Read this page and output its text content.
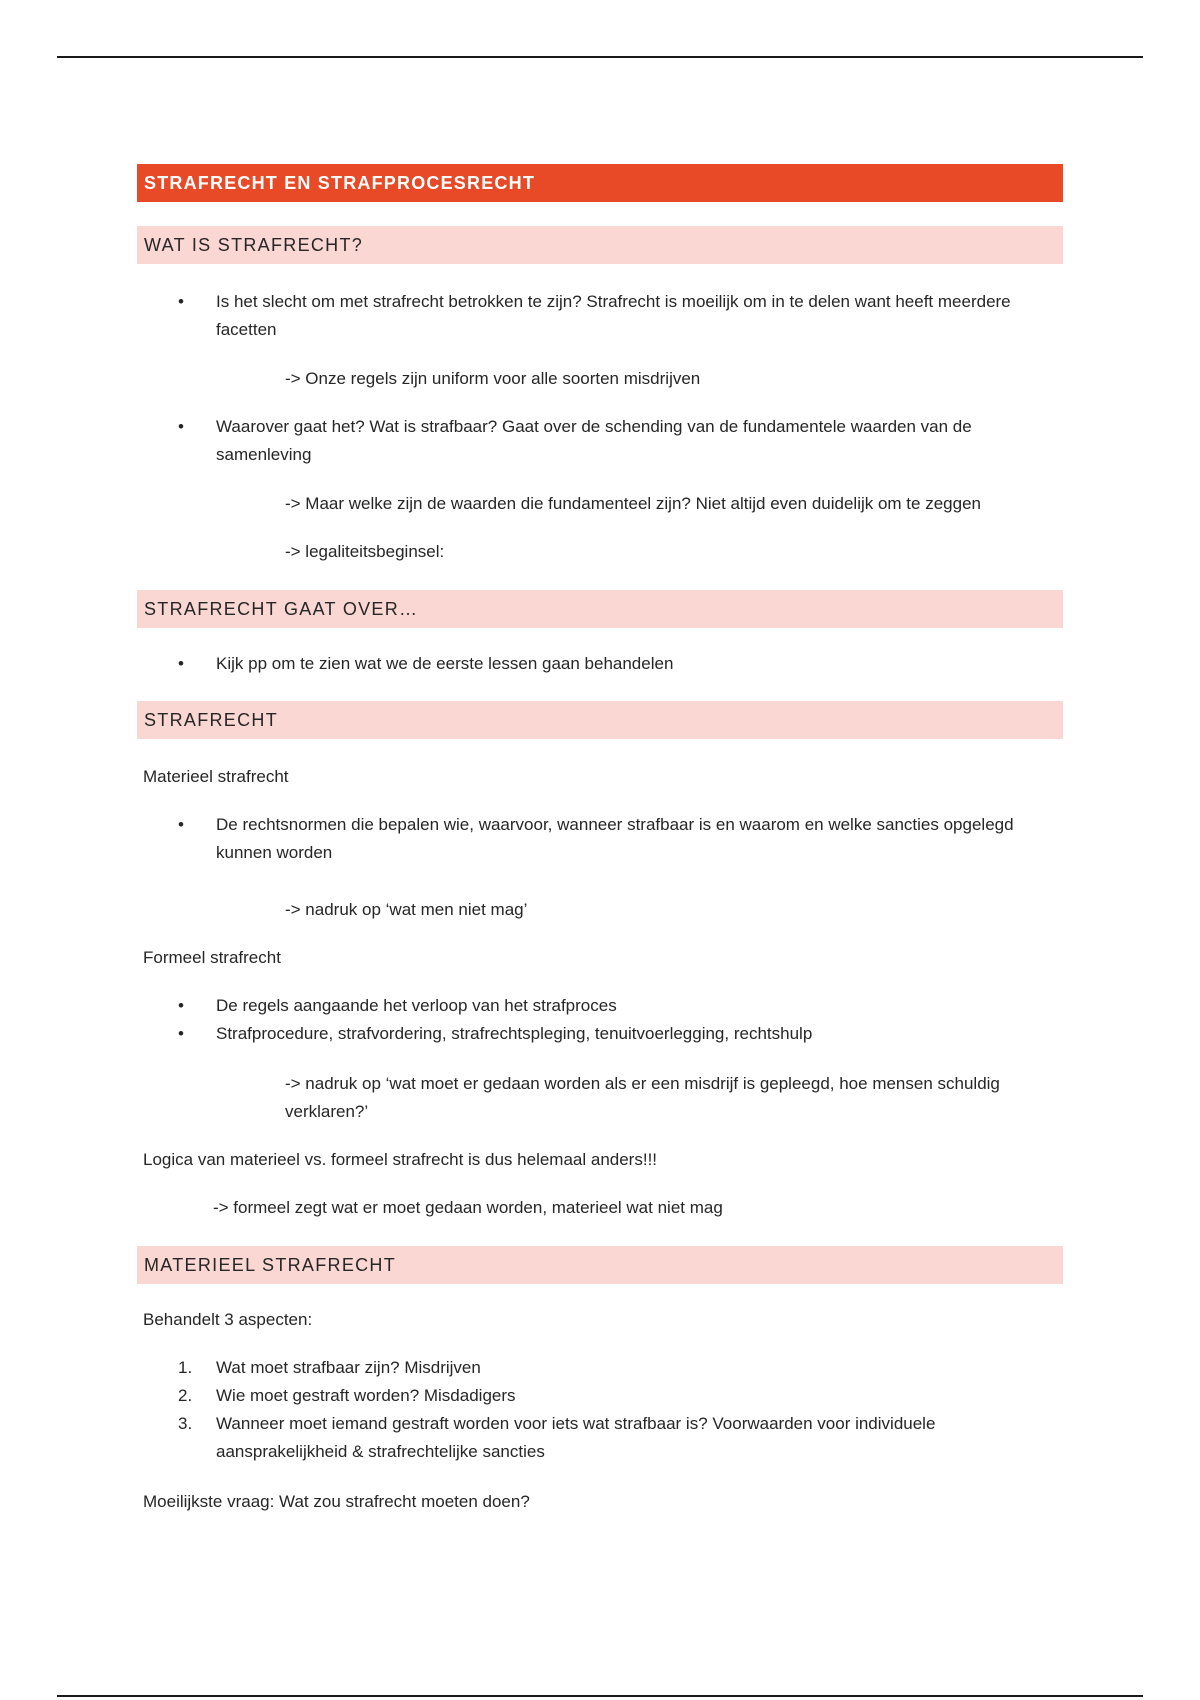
STRAFRECHT EN STRAFPROCESRECHT
WAT IS STRAFRECHT?
•	Is het slecht om met strafrecht betrokken te zijn? Strafrecht is moeilijk om in te delen want heeft meerdere facetten
-> Onze regels zijn uniform voor alle soorten misdrijven
•	Waarover gaat het? Wat is strafbaar? Gaat over de schending van de fundamentele waarden van de samenleving
-> Maar welke zijn de waarden die fundamenteel zijn? Niet altijd even duidelijk om te zeggen
-> legaliteitsbeginsel:
STRAFRECHT GAAT OVER…
•	Kijk pp om te zien wat we de eerste lessen gaan behandelen
STRAFRECHT
Materieel strafrecht
•	De rechtsnormen die bepalen wie, waarvoor, wanneer strafbaar is en waarom en welke sancties opgelegd kunnen worden
-> nadruk op ‘wat men niet mag’
Formeel strafrecht
•	De regels aangaande het verloop van het strafproces
•	Strafprocedure, strafvordering, strafrechtspleging, tenuitvoerlegging, rechtshulp
-> nadruk op ‘wat moet er gedaan worden als er een misdrijf is gepleegd, hoe mensen schuldig verklaren?’
Logica van materieel vs. formeel strafrecht is dus helemaal anders!!!
-> formeel zegt wat er moet gedaan worden, materieel wat niet mag
MATERIEEL STRAFRECHT
Behandelt 3 aspecten:
1.	Wat moet strafbaar zijn? Misdrijven
2.	Wie moet gestraft worden? Misdadigers
3.	Wanneer moet iemand gestraft worden voor iets wat strafbaar is? Voorwaarden voor individuele aansprakelijkheid & strafrechtelijke sancties
Moeilijkste vraag: Wat zou strafrecht moeten doen?
